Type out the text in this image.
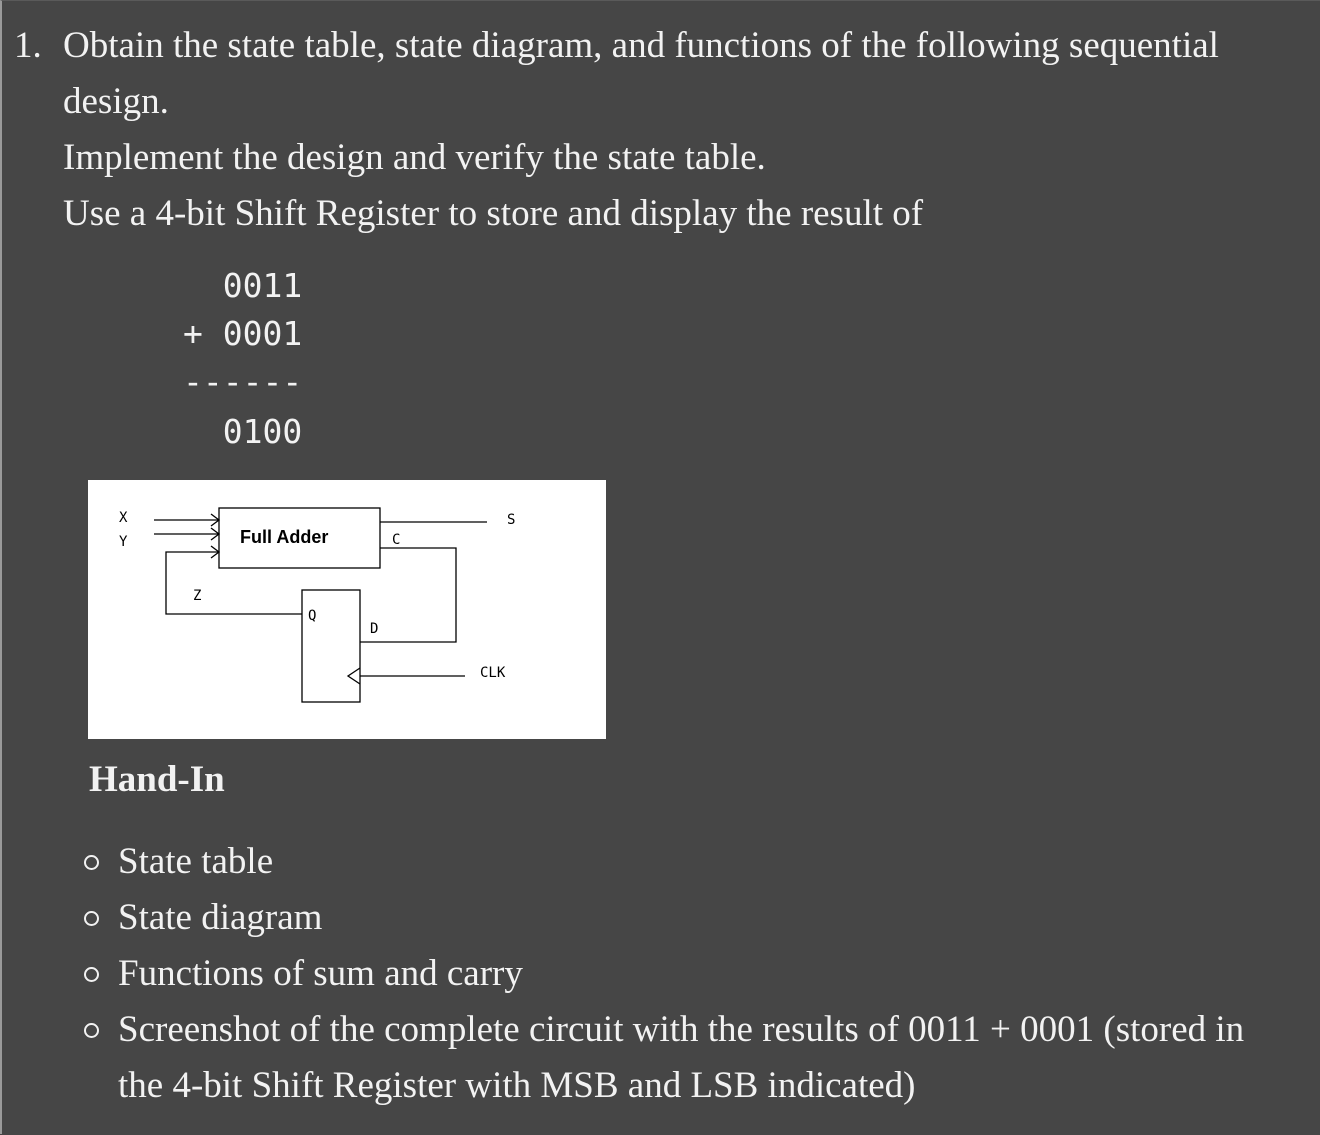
1. Obtain the state table, state diagram, and functions of the following sequential
design.
Implement the design and verify the state table.
Use a 4-bit Shift Register to store and display the result of
0011
+ 0001
------
0100
X
Y
Z
Full Adder	C
S
Q
D
CLK
Hand-In
State table
State diagram
Functions of sum and carry
Screenshot of the complete circuit with the results of 0011 + 0001 (stored in
the 4-bit Shift Register with MSB and LSB indicated)
